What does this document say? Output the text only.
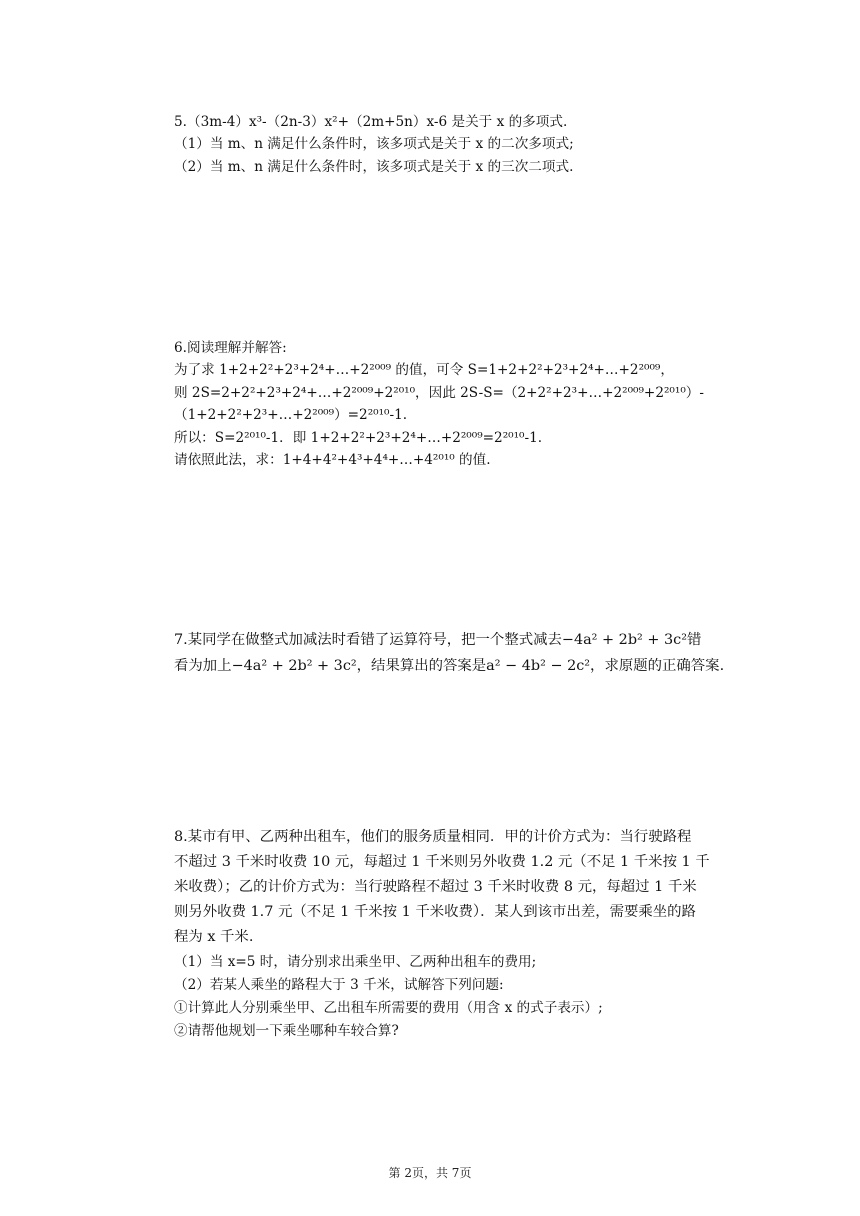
5.（3m-4）x³-（2n-3）x²+（2m+5n）x-6 是关于 x 的多项式.
（1）当 m、n 满足什么条件时，该多项式是关于 x 的二次多项式;
（2）当 m、n 满足什么条件时，该多项式是关于 x 的三次二项式.
6.阅读理解并解答:
为了求 1+2+2²+2³+2⁴+…+2²⁰⁰⁹ 的值，可令 S=1+2+2²+2³+2⁴+…+2²⁰⁰⁹，
则 2S=2+2²+2³+2⁴+…+2²⁰⁰⁹+2²⁰¹⁰，因此 2S-S=（2+2²+2³+…+2²⁰⁰⁹+2²⁰¹⁰）-
（1+2+2²+2³+…+2²⁰⁰⁹）=2²⁰¹⁰-1.
所以：S=2²⁰¹⁰-1．即 1+2+2²+2³+2⁴+…+2²⁰⁰⁹=2²⁰¹⁰-1.
请依照此法，求：1+4+4²+4³+4⁴+…+4²⁰¹⁰ 的值.
7.某同学在做整式加减法时看错了运算符号，把一个整式减去−4a² + 2b² + 3c²错
看为加上−4a² + 2b² + 3c²，结果算出的答案是a² − 4b² − 2c²，求原题的正确答案.
8.某市有甲、乙两种出租车，他们的服务质量相同．甲的计价方式为：当行驶路程
不超过 3 千米时收费 10 元，每超过 1 千米则另外收费 1.2 元（不足 1 千米按 1 千
米收费）；乙的计价方式为：当行驶路程不超过 3 千米时收费 8 元，每超过 1 千米
则另外收费 1.7 元（不足 1 千米按 1 千米收费）．某人到该市出差，需要乘坐的路
程为 x 千米.
（1）当 x=5 时，请分别求出乘坐甲、乙两种出租车的费用;
（2）若某人乘坐的路程大于 3 千米，试解答下列问题:
①计算此人分别乘坐甲、乙出租车所需要的费用（用含 x 的式子表示）;
②请帮他规划一下乘坐哪种车较合算?
第 2页，共 7页
